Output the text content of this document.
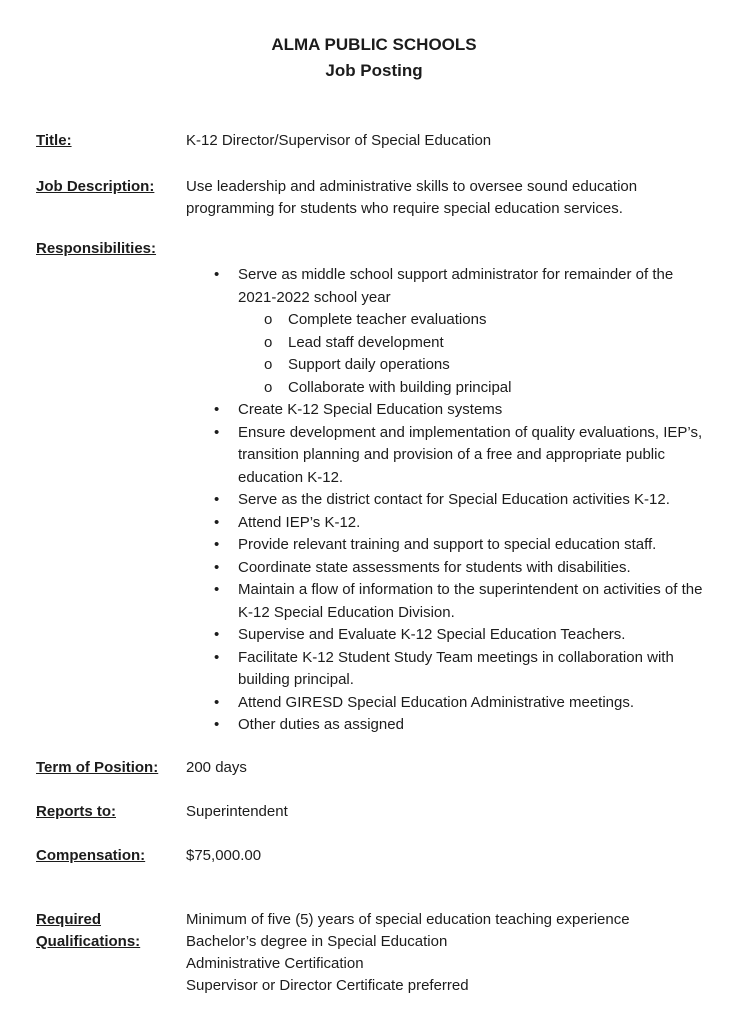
ALMA PUBLIC SCHOOLS
Job Posting
Title:	K-12 Director/Supervisor of Special Education
Job Description:	Use leadership and administrative skills to oversee sound education programming for students who require special education services.
Responsibilities:
•	Serve as middle school support administrator for remainder of the 2021-2022 school year
o	Complete teacher evaluations
o	Lead staff development
o	Support daily operations
o	Collaborate with building principal
•	Create K-12 Special Education systems
•	Ensure development and implementation of quality evaluations, IEP’s, transition planning and provision of a free and appropriate public education K-12.
•	Serve as the district contact for Special Education activities K-12.
•	Attend IEP’s K-12.
•	Provide relevant training and support to special education staff.
•	Coordinate state assessments for students with disabilities.
•	Maintain a flow of information to the superintendent on activities of the K-12 Special Education Division.
•	Supervise and Evaluate K-12 Special Education Teachers.
•	Facilitate K-12 Student Study Team meetings in collaboration with building principal.
•	Attend GIRESD Special Education Administrative meetings.
•	Other duties as assigned
Term of Position:	200 days
Reports to:	Superintendent
Compensation:	$75,000.00
Required
Qualifications:
Minimum of five (5) years of special education teaching experience
Bachelor’s degree in Special Education
Administrative Certification
Supervisor or Director Certificate preferred
